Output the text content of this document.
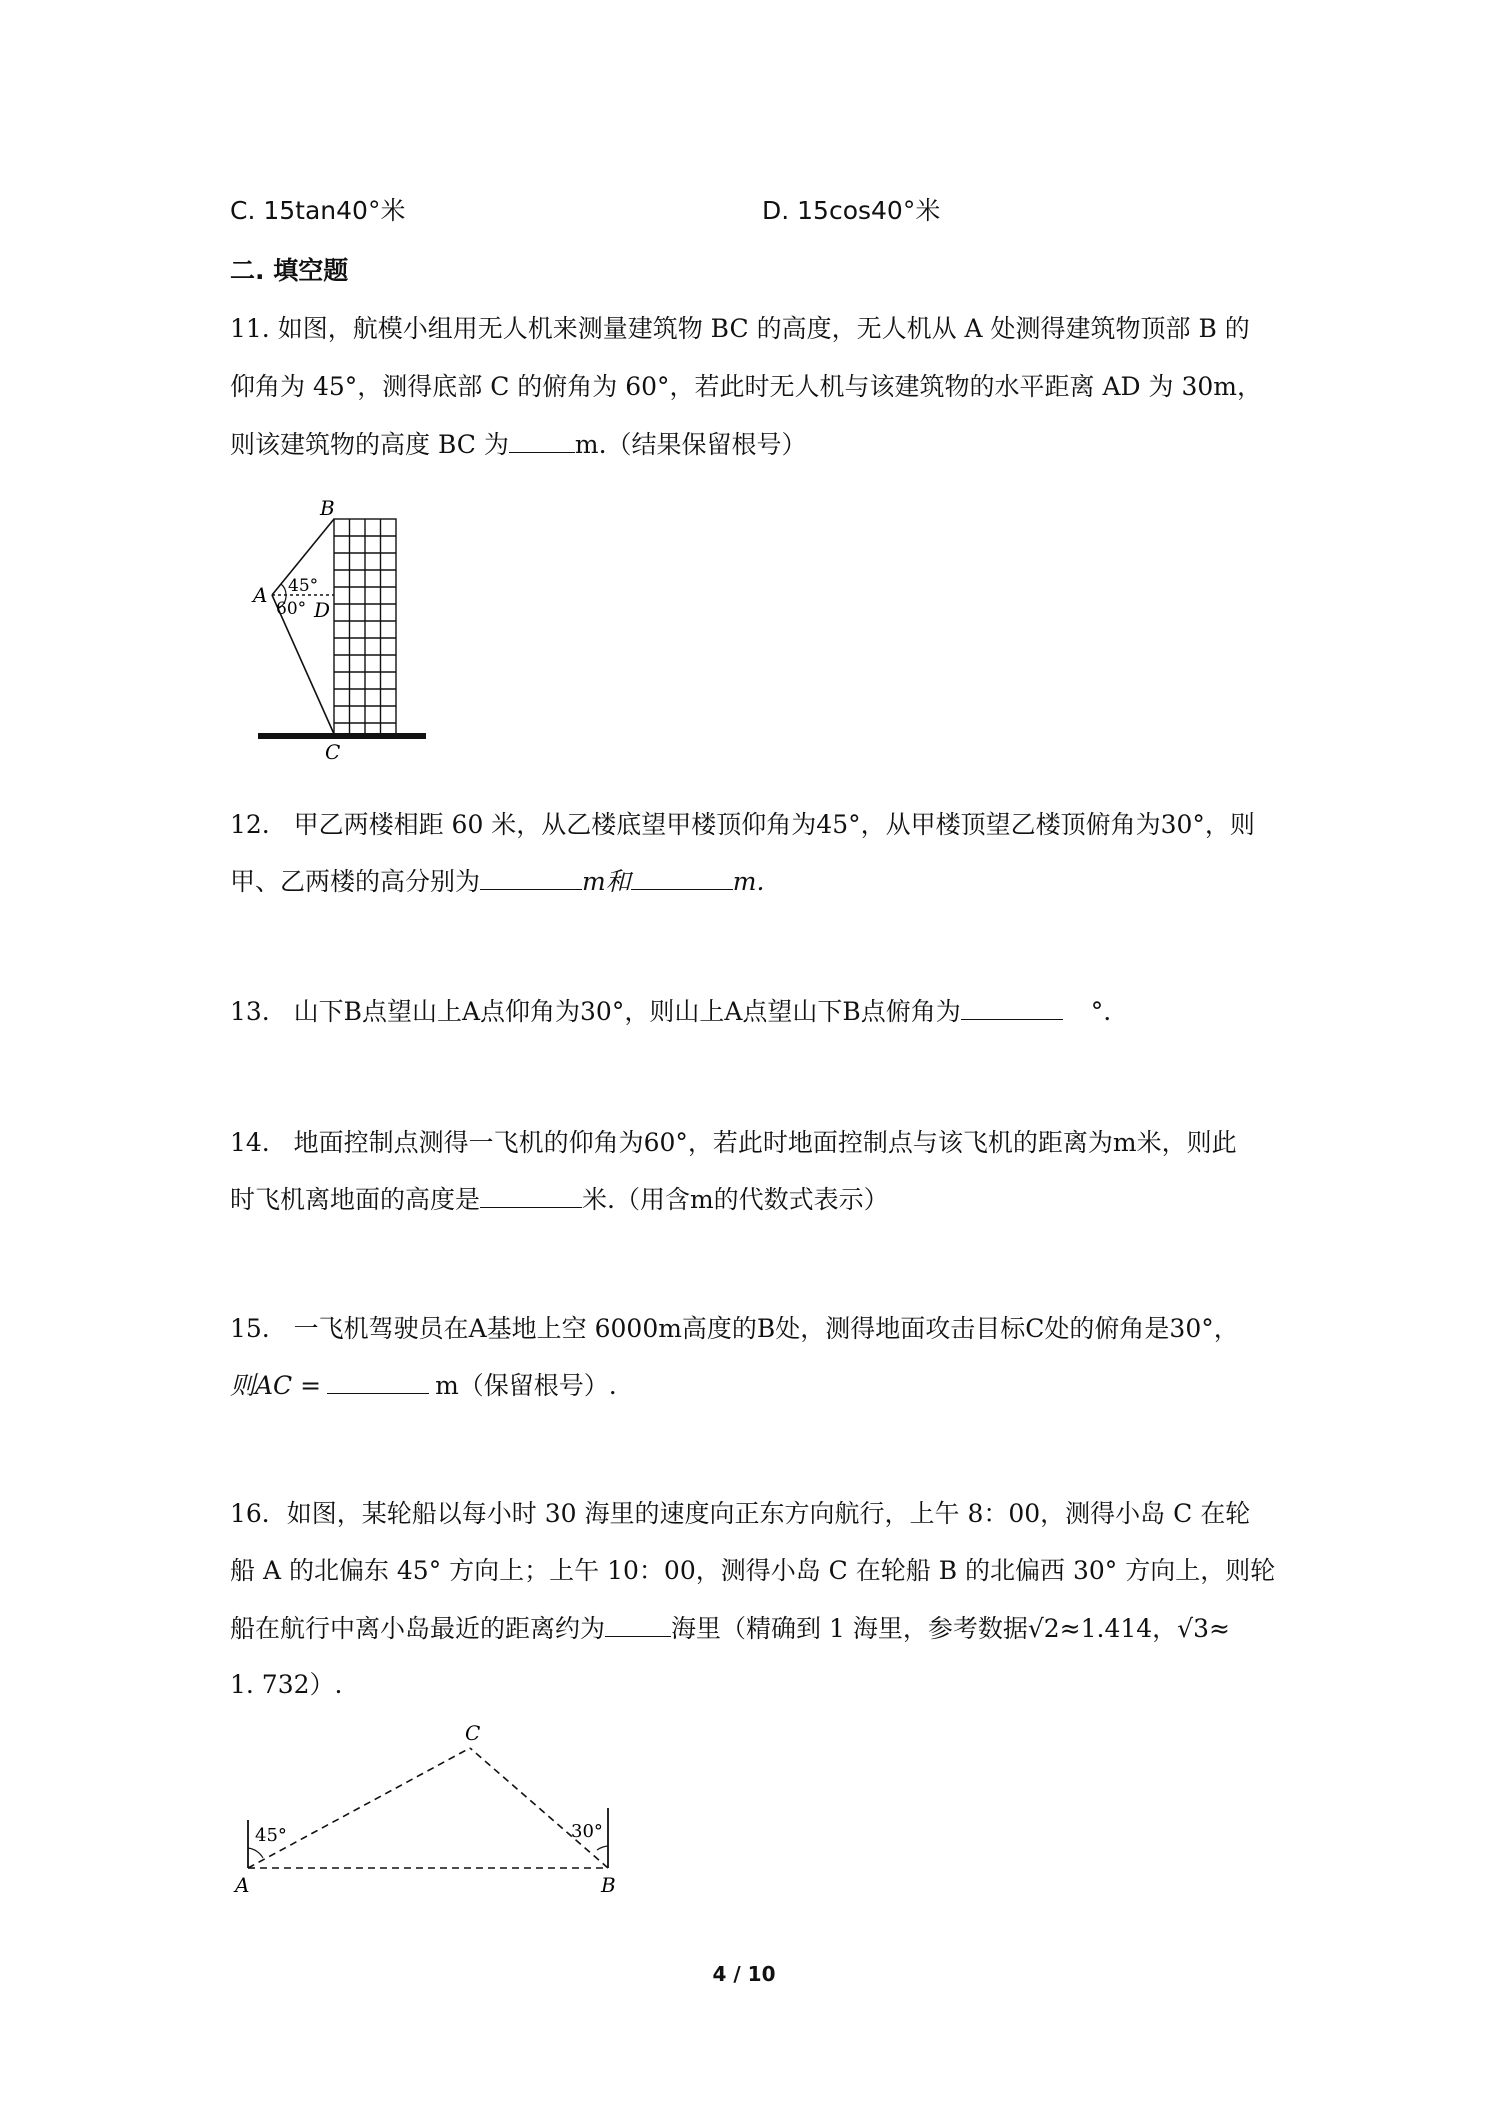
C. 15tan40°米	D. 15cos40°米
二. 填空题
11. 如图，航模小组用无人机来测量建筑物 BC 的高度，无人机从 A 处测得建筑物顶部 B 的
仰角为 45°，测得底部 C 的俯角为 60°，若此时无人机与该建筑物的水平距离 AD 为 30m，
则该建筑物的高度 BC 为	m.（结果保留根号）
B
A
D
C
45°
60°
12.   甲乙两楼相距 60 米，从乙楼底望甲楼顶仰角为45°，从甲楼顶望乙楼顶俯角为30°，则
甲、乙两楼的高分别为	m和	m.
13.   山下B点望山上A点仰角为30°，则山上A点望山下B点俯角为	°.
14.   地面控制点测得一飞机的仰角为60°，若此时地面控制点与该飞机的距离为m米，则此
时飞机离地面的高度是	米.（用含m的代数式表示）
15.   一飞机驾驶员在A基地上空 6000m高度的B处，测得地面攻击目标C处的俯角是30°，
则AC =	m（保留根号）.
16．如图，某轮船以每小时 30 海里的速度向正东方向航行，上午 8：00，测得小岛 C 在轮
船 A 的北偏东 45° 方向上；上午 10：00，测得小岛 C 在轮船 B 的北偏西 30° 方向上，则轮
船在航行中离小岛最近的距离约为	海里（精确到 1 海里，参考数据√2≈1.414，√3≈
1. 732）.
C
A	B
45°	30°
4 / 10
